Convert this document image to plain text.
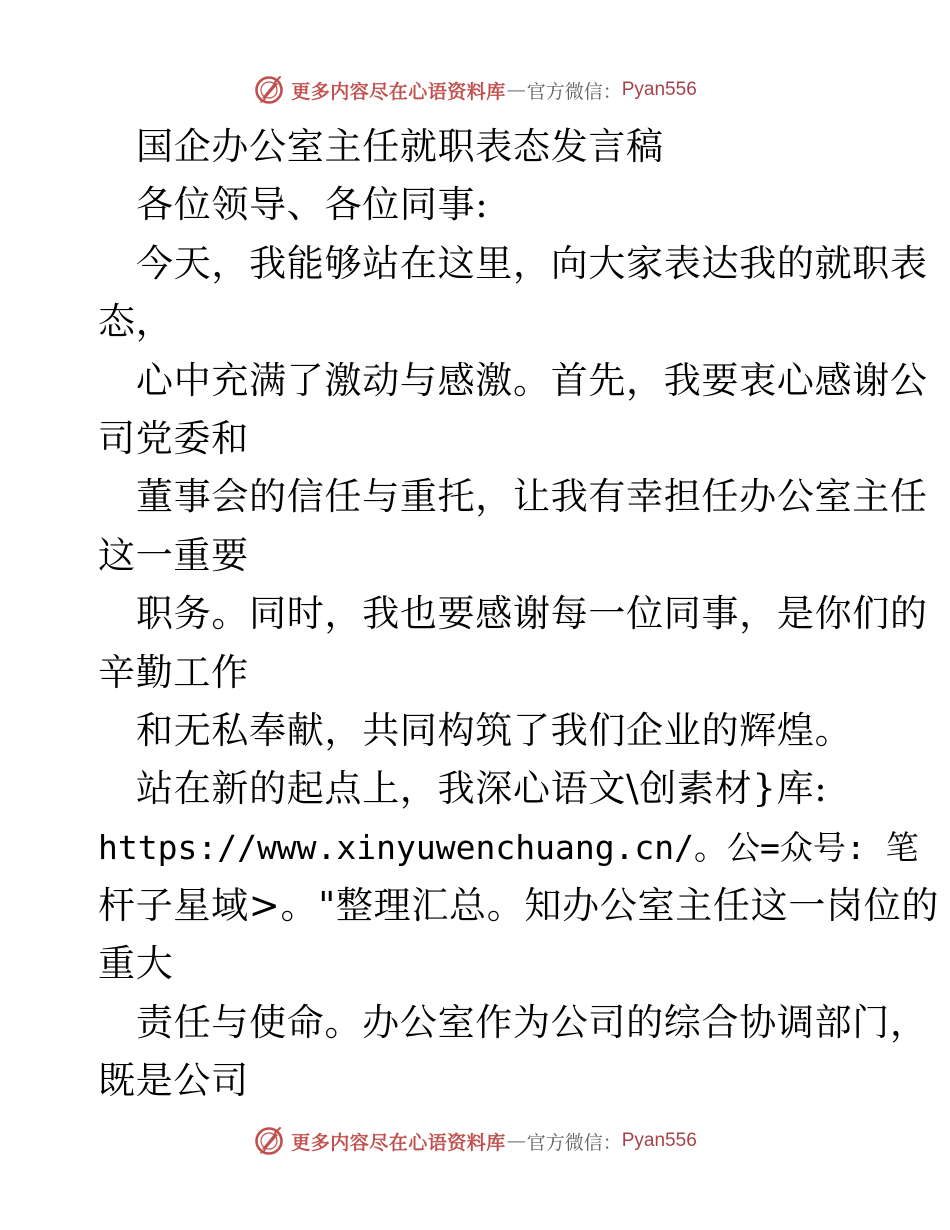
更多内容尽在心语资料库 — 官方微信： Pyan556
国企办公室主任就职表态发言稿
各位领导、各位同事:
今天，我能够站在这里，向大家表达我的就职表
态，
心中充满了激动与感激。首先，我要衷心感谢公
司党委和
董事会的信任与重托，让我有幸担任办公室主任
这一重要
职务。同时，我也要感谢每一位同事，是你们的
辛勤工作
和无私奉献，共同构筑了我们企业的辉煌。
站在新的起点上，我深心语文\创素材}库:
https://www.xinyuwenchuang.cn/。公=众号: 笔
杆子星域>。"整理汇总。知办公室主任这一岗位的
重大
责任与使命。办公室作为公司的综合协调部门，
既是公司
更多内容尽在心语资料库 — 官方微信： Pyan556
